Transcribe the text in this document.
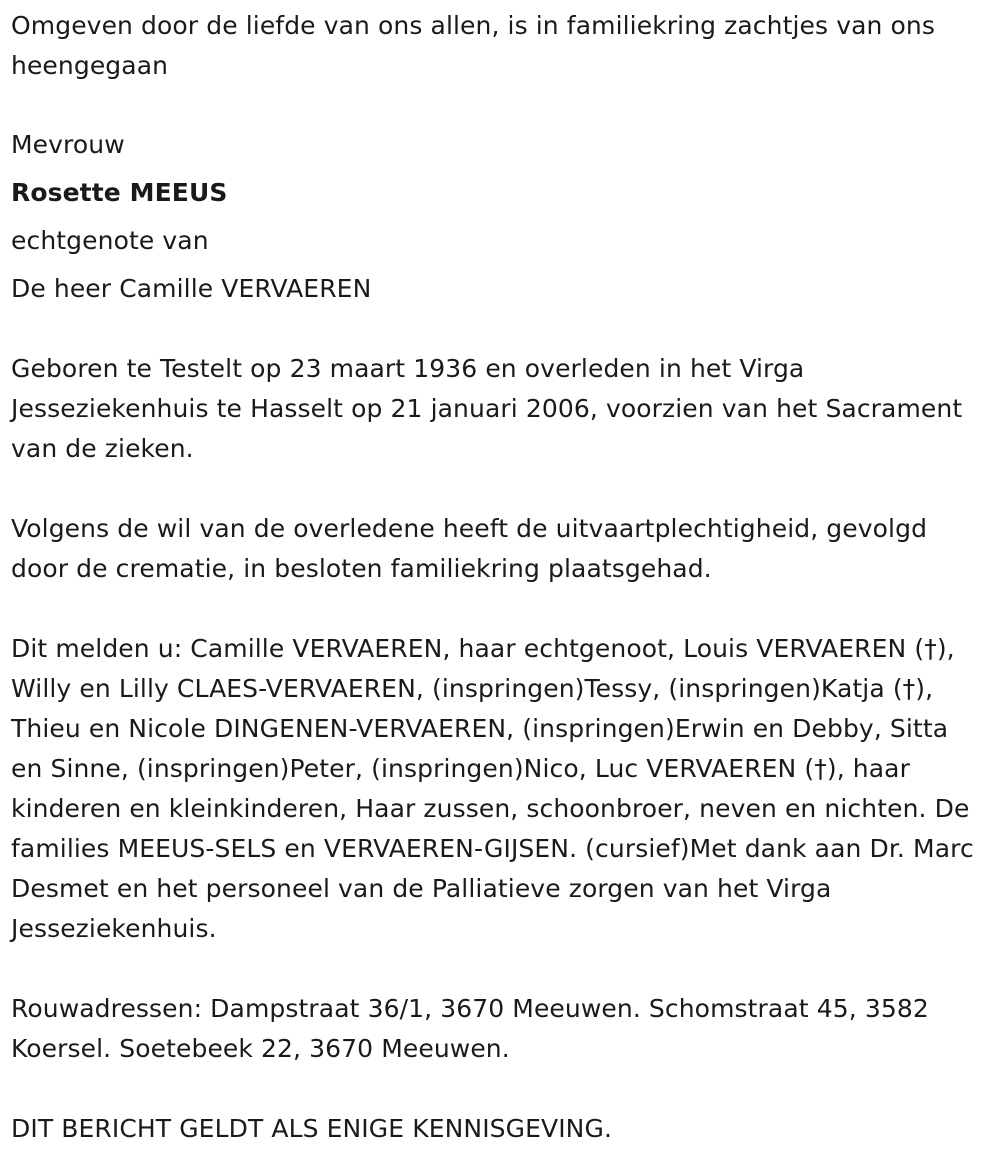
Omgeven door de liefde van ons allen, is in familiekring zachtjes van ons heengegaan

Mevrouw

Rosette MEEUS

echtgenote van

De heer Camille VERVAEREN

Geboren te Testelt op 23 maart 1936 en overleden in het Virga Jesseziekenhuis te Hasselt op 21 januari 2006, voorzien van het Sacrament van de zieken.

Volgens de wil van de overledene heeft de uitvaartplechtigheid, gevolgd door de crematie, in besloten familiekring plaatsgehad.

Dit melden u: Camille VERVAEREN, haar echtgenoot, Louis VERVAEREN (†), Willy en Lilly CLAES-VERVAEREN, (inspringen)Tessy, (inspringen)Katja (†), Thieu en Nicole DINGENEN-VERVAEREN, (inspringen)Erwin en Debby, Sitta en Sinne, (inspringen)Peter, (inspringen)Nico, Luc VERVAEREN (†), haar kinderen en kleinkinderen, Haar zussen, schoonbroer, neven en nichten. De families MEEUS-SELS en VERVAEREN-GIJSEN. (cursief)Met dank aan Dr. Marc Desmet en het personeel van de Palliatieve zorgen van het Virga Jesseziekenhuis.

Rouwadressen: Dampstraat 36/1, 3670 Meeuwen. Schomstraat 45, 3582 Koersel. Soetebeek 22, 3670 Meeuwen.

DIT BERICHT GELDT ALS ENIGE KENNISGEVING.
